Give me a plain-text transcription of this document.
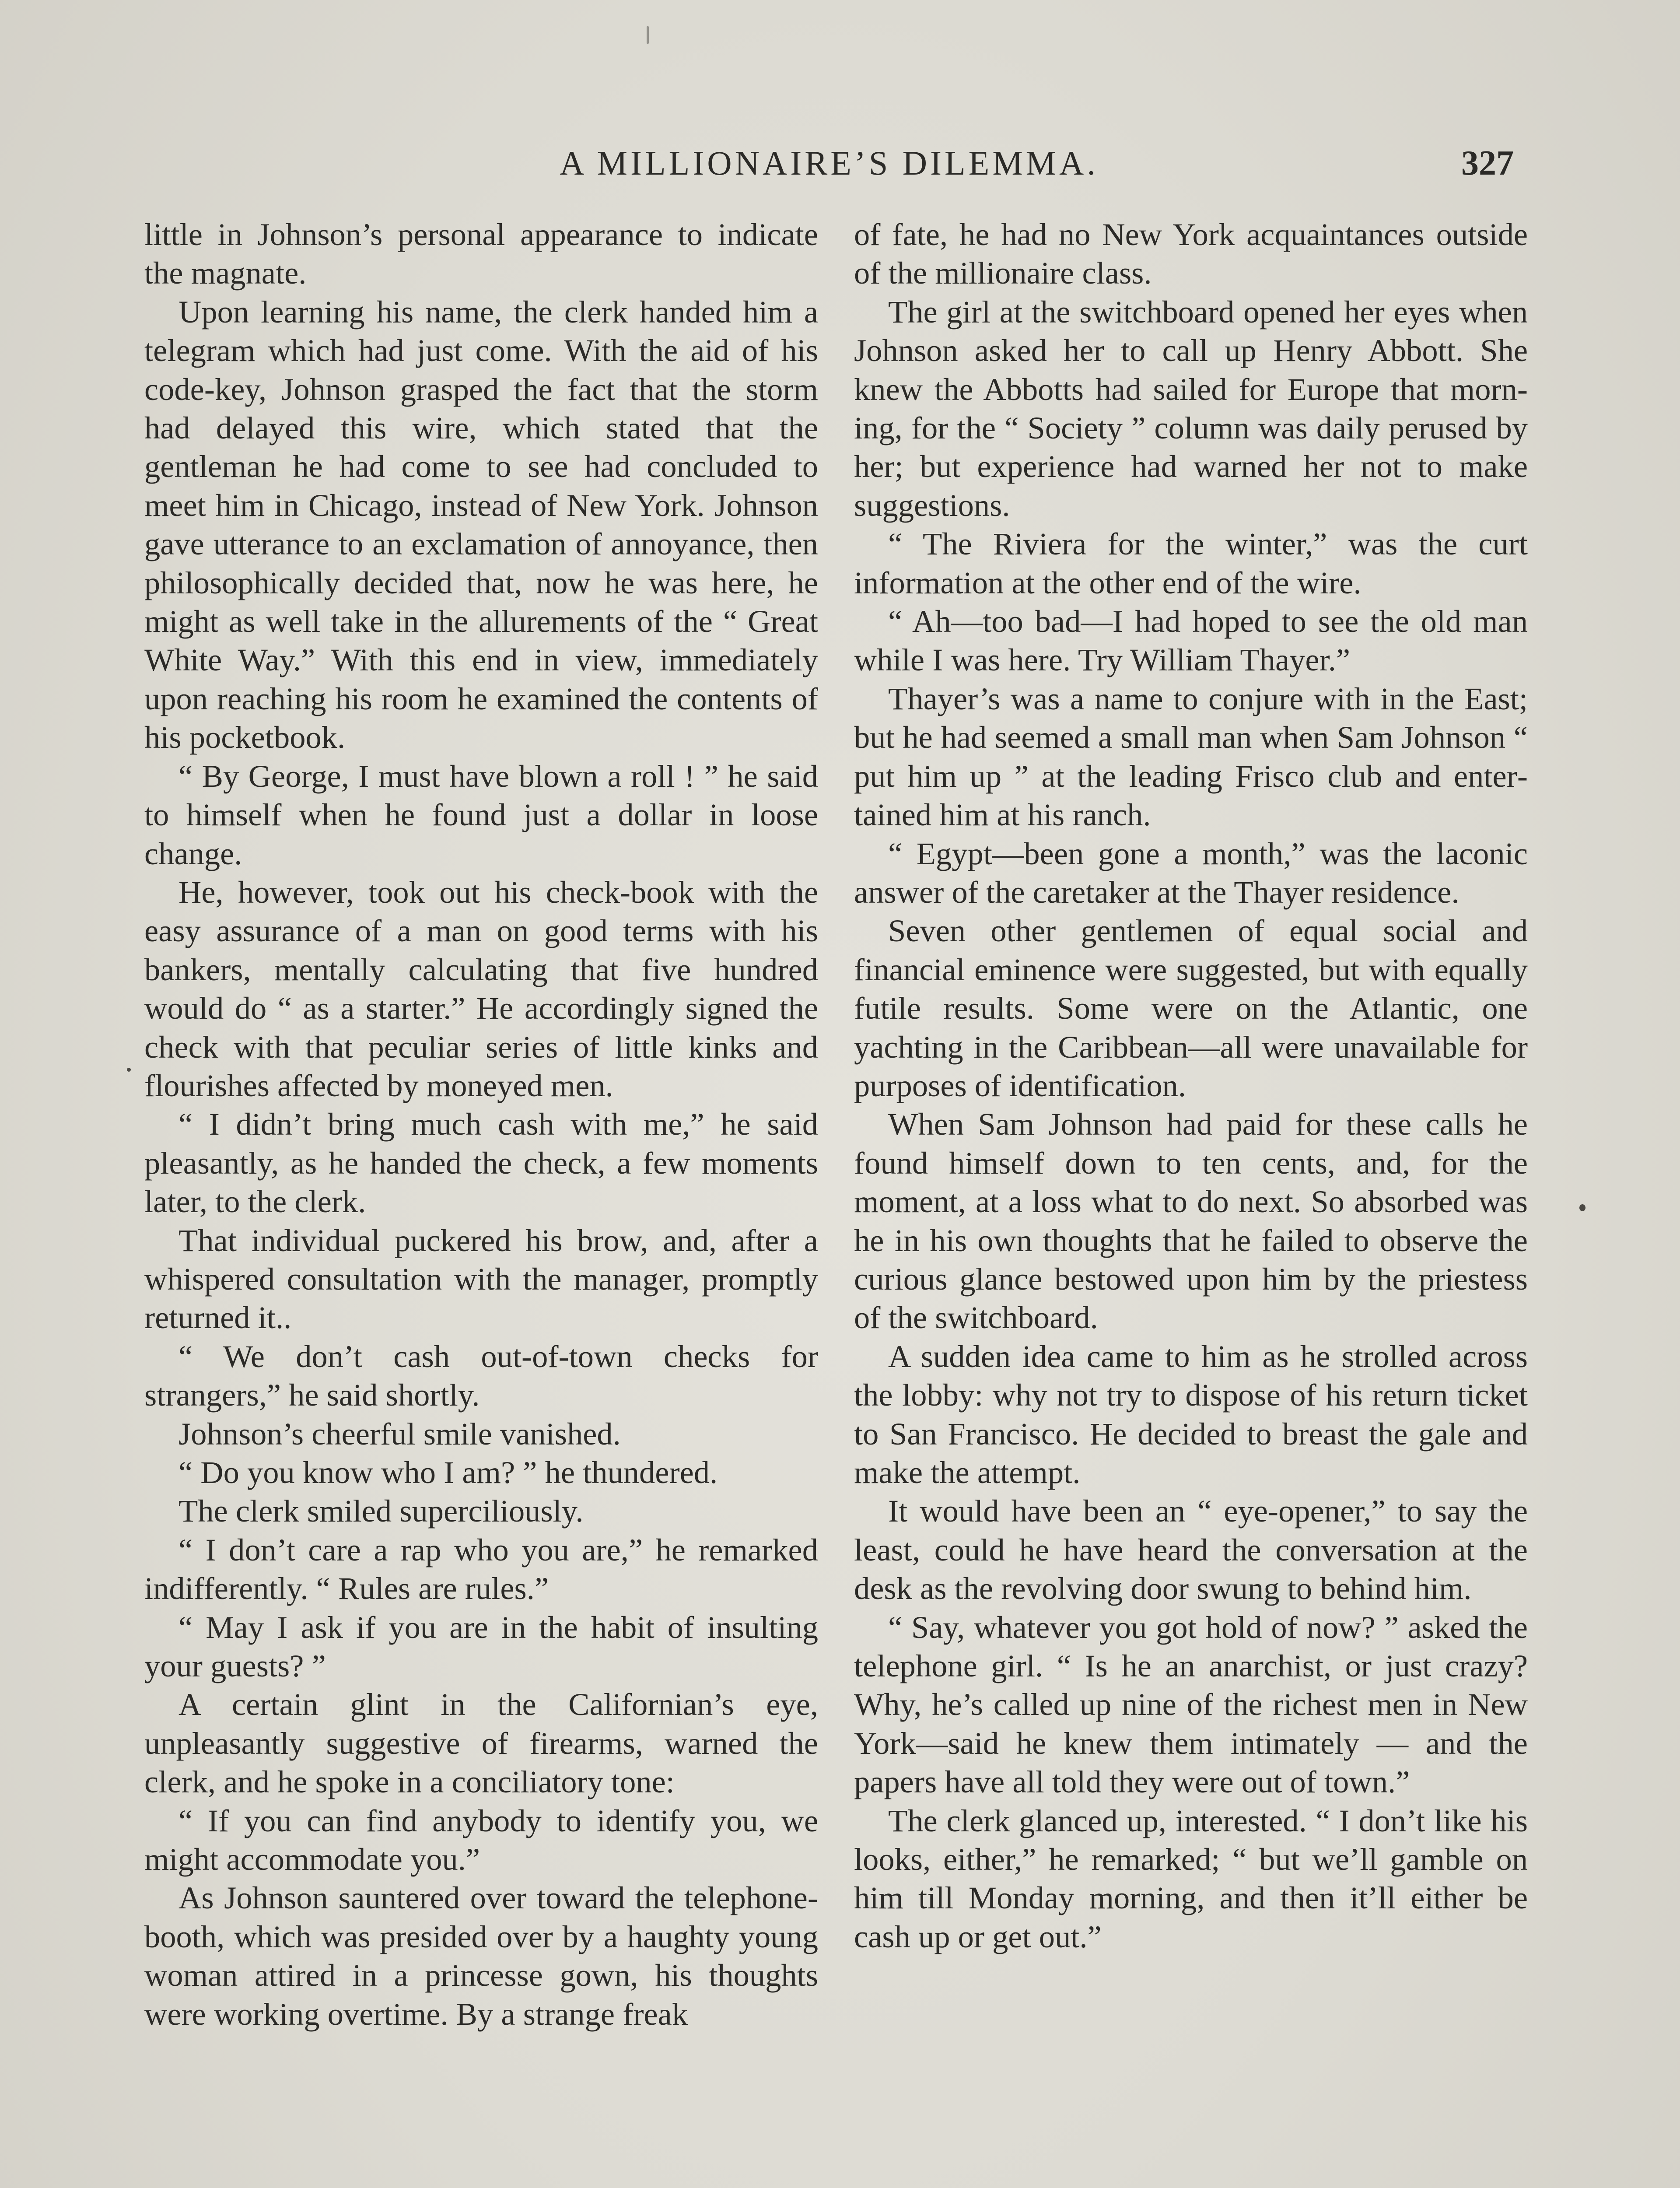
A MILLIONAIRE’S DILEMMA.	327

little in Johnson’s personal appearance to indicate the magnate.

Upon learning his name, the clerk handed him a telegram which had just come. With the aid of his code-key, Johnson grasped the fact that the storm had delayed this wire, which stated that the gentleman he had come to see had concluded to meet him in Chicago, instead of New York. Johnson gave utterance to an exclamation of annoyance, then philosophically decided that, now he was here, he might as well take in the allurements of the “ Great White Way.” With this end in view, immediately upon reaching his room he examined the contents of his pocketbook.

“ By George, I must have blown a roll ! ” he said to himself when he found just a dollar in loose change.

He, however, took out his check-book with the easy assurance of a man on good terms with his bankers, mentally calculating that five hundred would do “ as a starter.” He accordingly signed the check with that peculiar series of little kinks and flourishes affected by moneyed men.

“ I didn’t bring much cash with me,” he said pleasantly, as he handed the check, a few moments later, to the clerk.

That individual puckered his brow, and, after a whispered consultation with the manager, promptly returned it..

“ We don’t cash out-of-town checks for strangers,” he said shortly.

Johnson’s cheerful smile vanished.

“ Do you know who I am? ” he thundered.

The clerk smiled superciliously.

“ I don’t care a rap who you are,” he remarked indifferently. “ Rules are rules.”

“ May I ask if you are in the habit of insulting your guests? ”

A certain glint in the Californian’s eye, unpleasantly suggestive of firearms, warned the clerk, and he spoke in a conciliatory tone:

“ If you can find anybody to identify you, we might accommodate you.”

As Johnson sauntered over toward the telephone-booth, which was presided over by a haughty young woman attired in a princesse gown, his thoughts were working overtime. By a strange freak

of fate, he had no New York acquaintances outside of the millionaire class.

The girl at the switchboard opened her eyes when Johnson asked her to call up Henry Abbott. She knew the Abbotts had sailed for Europe that morning, for the “ Society ” column was daily perused by her; but experience had warned her not to make suggestions.

“ The Riviera for the winter,” was the curt information at the other end of the wire.

“ Ah—too bad—I had hoped to see the old man while I was here. Try William Thayer.”

Thayer’s was a name to conjure with in the East; but he had seemed a small man when Sam Johnson “ put him up ” at the leading Frisco club and entertained him at his ranch.

“ Egypt—been gone a month,” was the laconic answer of the caretaker at the Thayer residence.

Seven other gentlemen of equal social and financial eminence were suggested, but with equally futile results. Some were on the Atlantic, one yachting in the Caribbean—all were unavailable for purposes of identification.

When Sam Johnson had paid for these calls he found himself down to ten cents, and, for the moment, at a loss what to do next. So absorbed was he in his own thoughts that he failed to observe the curious glance bestowed upon him by the priestess of the switchboard.

A sudden idea came to him as he strolled across the lobby: why not try to dispose of his return ticket to San Francisco. He decided to breast the gale and make the attempt.

It would have been an “ eye-opener,” to say the least, could he have heard the conversation at the desk as the revolving door swung to behind him.

“ Say, whatever you got hold of now? ” asked the telephone girl. “ Is he an anarchist, or just crazy? Why, he’s called up nine of the richest men in New York—said he knew them intimately — and the papers have all told they were out of town.”

The clerk glanced up, interested. “ I don’t like his looks, either,” he remarked; “ but we’ll gamble on him till Monday morning, and then it’ll either be cash up or get out.”
